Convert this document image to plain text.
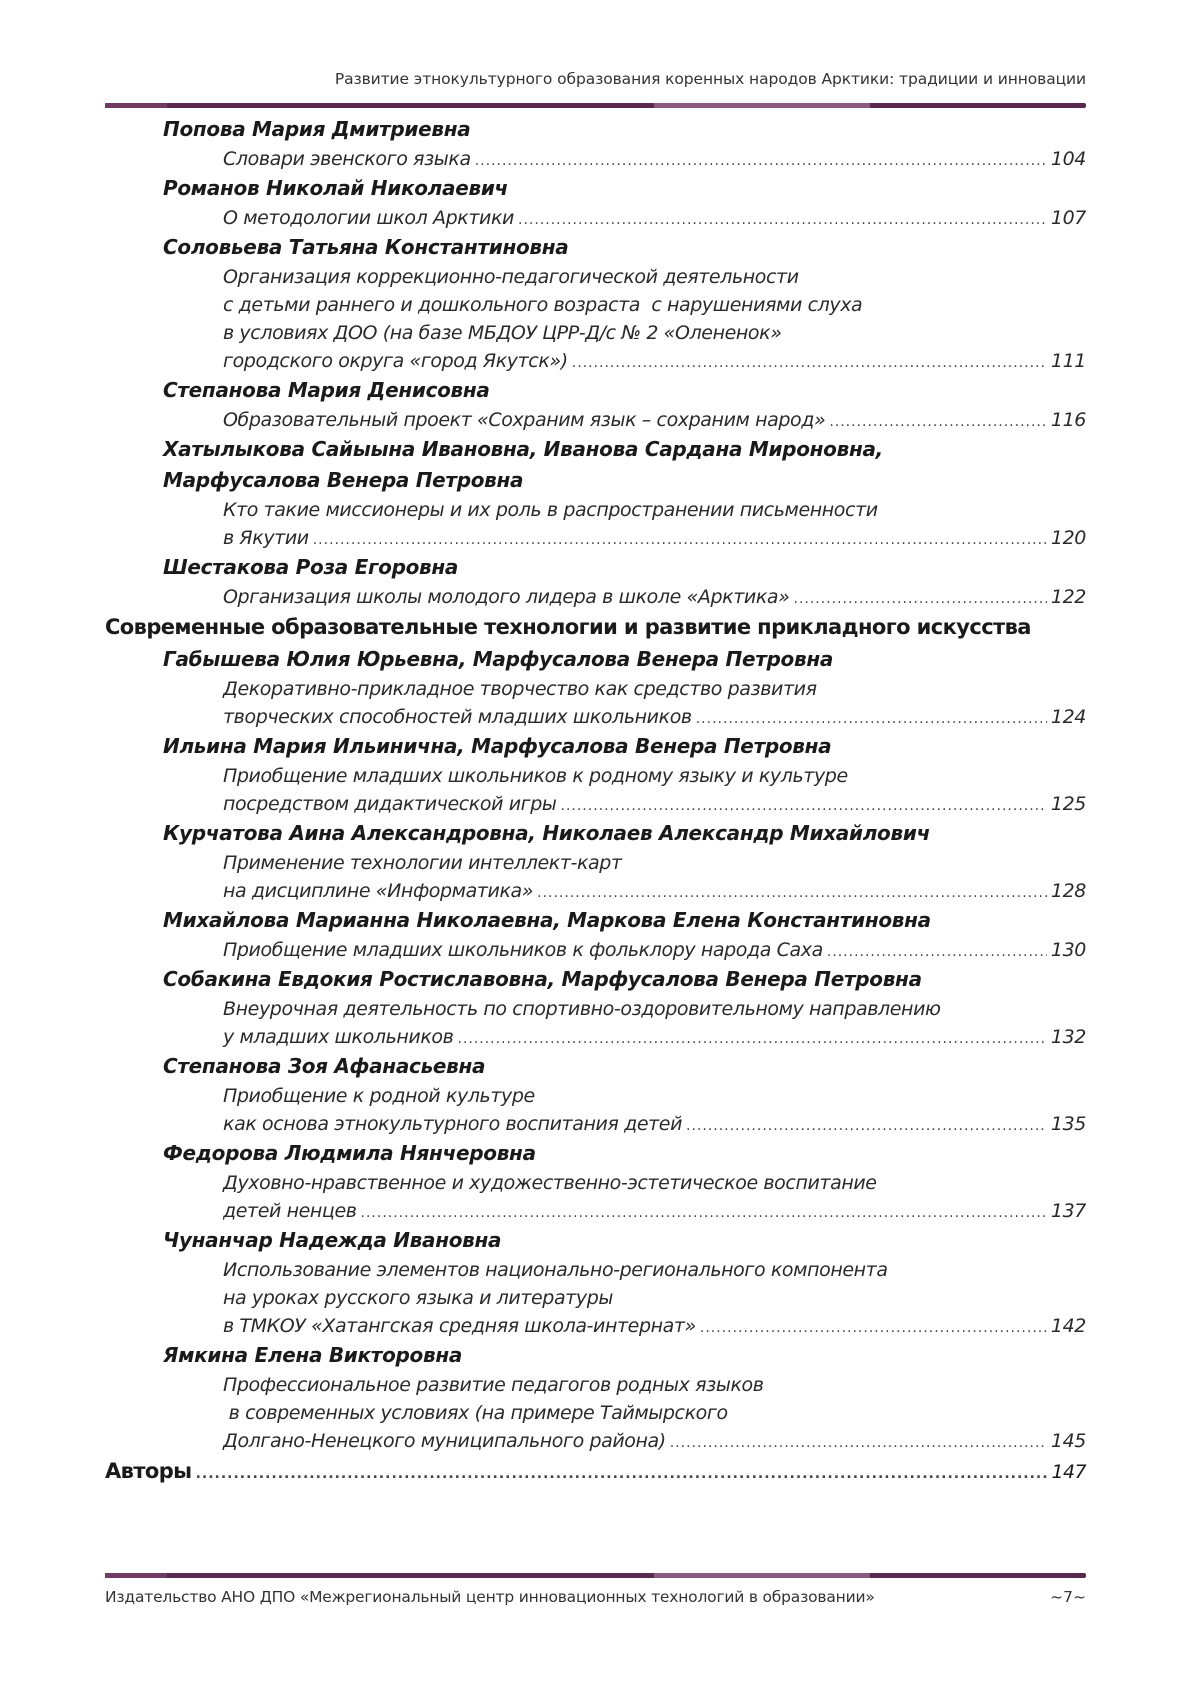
Развитие этнокультурного образования коренных народов Арктики: традиции и инновации
Попова Мария Дмитриевна
Словари эвенского языка .....	104
Романов Николай Николаевич
О методологии школ Арктики .....	107
Соловьева Татьяна Константиновна
Организация коррекционно-педагогической деятельности
с детьми раннего и дошкольного возраста  с нарушениями слуха
в условиях ДОО (на базе МБДОУ ЦРР-Д/с № 2 «Олененок»
городского округа «город Якутск») .....	111
Степанова Мария Денисовна
Образовательный проект «Сохраним язык – сохраним народ» .....	116
Хатылыкова Сайыына Ивановна, Иванова Сардана Мироновна,
Марфусалова Венера Петровна
Кто такие миссионеры и их роль в распространении письменности
в Якутии .....	120
Шестакова Роза Егоровна
Организация школы молодого лидера в школе «Арктика» .....	122
Современные образовательные технологии и развитие прикладного искусства
Габышева Юлия Юрьевна, Марфусалова Венера Петровна
Декоративно-прикладное творчество как средство развития
творческих способностей младших школьников .....	124
Ильина Мария Ильинична, Марфусалова Венера Петровна
Приобщение младших школьников к родному языку и культуре
посредством дидактической игры .....	125
Курчатова Аина Александровна, Николаев Александр Михайлович
Применение технологии интеллект-карт
на дисциплине «Информатика» .....	128
Михайлова Марианна Николаевна, Маркова Елена Константиновна
Приобщение младших школьников к фольклору народа Саха .....	130
Собакина Евдокия Ростиславовна, Марфусалова Венера Петровна
Внеурочная деятельность по спортивно-оздоровительному направлению
у младших школьников .....	132
Степанова Зоя Афанасьевна
Приобщение к родной культуре
как основа этнокультурного воспитания детей .....	135
Федорова Людмила Нянчеровна
Духовно-нравственное и художественно-эстетическое воспитание
детей ненцев .....	137
Чунанчар Надежда Ивановна
Использование элементов национально-регионального компонента
на уроках русского языка и литературы
в ТМКОУ «Хатангская средняя школа-интернат» .....	142
Ямкина Елена Викторовна
Профессиональное развитие педагогов родных языков
в современных условиях (на примере Таймырского
Долгано-Ненецкого муниципального района) .....	145
Авторы .....	147
Издательство АНО ДПО «Межрегиональный центр инновационных технологий в образовании»	~7~
